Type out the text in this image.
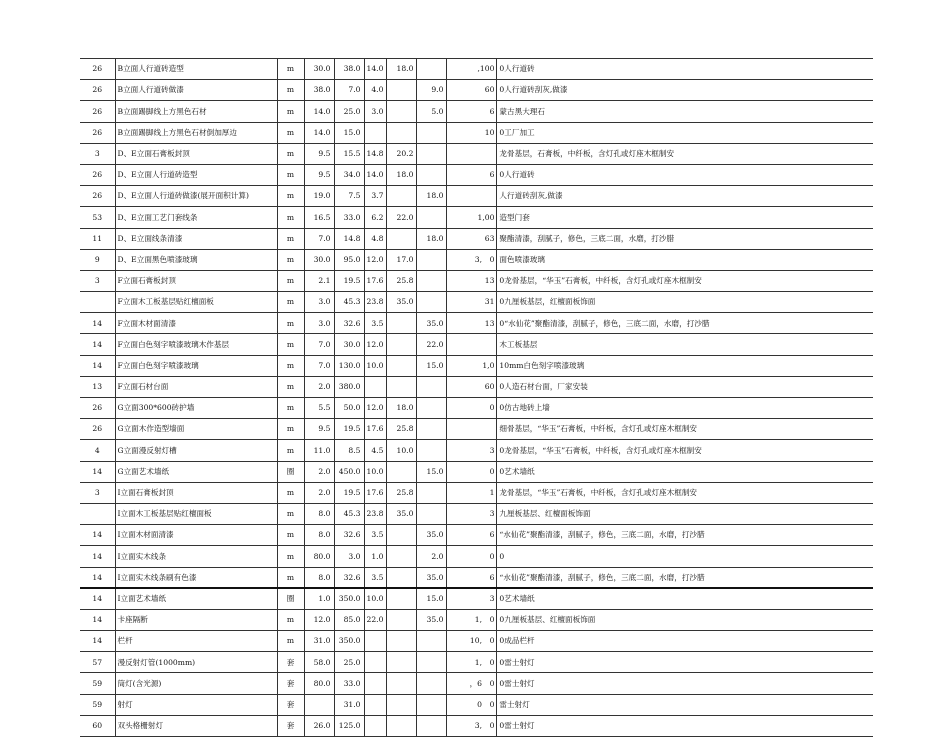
26	B立面人行道砖造型	m	30.0	38.0	14.0	18.0		,100	0人行道砖
26	B立面人行道砖做漆	m	38.0	7.0	4.0		9.0	60	0人行道砖刮灰,做漆
26	B立面踢脚线上方黑色石材	m	14.0	25.0	3.0		5.0	6	蒙古黑大理石
26	B立面踢脚线上方黑色石材倒加厚边	m	14.0	15.0				10	0工厂加工
3	D、E立面石膏板封顶	m	9.5	15.5	14.8	20.2			龙骨基层，石膏板，中纤板，含灯孔或灯座木框制安
26	D、E立面人行道砖造型	m	9.5	34.0	14.0	18.0		6	0人行道砖
26	D、E立面人行道砖做漆(展开面积计算)	m	19.0	7.5	3.7		18.0		人行道砖刮灰,做漆
53	D、E立面工艺门套线条	m	16.5	33.0	6.2	22.0		1,00	造型门套
11	D、E立面线条清漆	m	7.0	14.8	4.8		18.0	63	聚酯清漆，刮腻子，修色，三底二面，水磨，打沙腊
9	D、E立面黑色喷漆玻璃	m	30.0	95.0	12.0	17.0		3,　0	面色喷漆玻璃
3	F立面石膏板封顶	m	2.1	19.5	17.6	25.8		13	0龙骨基层，“华玉”石膏板，中纤板，含灯孔或灯座木框制安
	F立面木工板基层贴红檀面板	m	3.0	45.3	23.8	35.0		31	0九厘板基层，红檀面板饰面
14	F立面木材面清漆	m	3.0	32.6	3.5		35.0	13	0“水仙花”聚酯清漆，刮腻子，修色，三底二面，水磨，打沙腊
14	F立面白色刻字喷漆玻璃木作基层	m	7.0	30.0	12.0		22.0		木工板基层
14	F立面白色刻字喷漆玻璃	m	7.0	130.0	10.0		15.0	1,0	10mm白色刻字喷漆玻璃
13	F立面石材台面	m	2.0	380.0				60	0人造石材台面，厂家安装
26	G立面300*600砖护墙	m	5.5	50.0	12.0	18.0		0	0仿古地砖上墙
26	G立面木作造型墙面	m	9.5	19.5	17.6	25.8			细骨基层，“华玉”石膏板，中纤板，含灯孔或灯座木框制安
4	G立面漫反射灯槽	m	11.0	8.5	4.5	10.0		3	0龙骨基层，“华玉”石膏板，中纤板，含灯孔或灯座木框制安
14	G立面艺术墙纸	圈	2.0	450.0	10.0		15.0	0	0艺术墙纸
3	I立面石膏板封顶	m	2.0	19.5	17.6	25.8		1	龙骨基层，“华玉”石膏板，中纤板，含灯孔或灯座木框制安
	I立面木工板基层贴红檀面板	m	8.0	45.3	23.8	35.0		3	九厘板基层、红檀面板饰面
14	I立面木材面清漆	m	8.0	32.6	3.5		35.0	6	“水仙花”聚酯清漆，刮腻子，修色，三底二面，水磨，打沙腊
14	I立面实木线条	m	80.0	3.0	1.0		2.0	0	0
14	I立面实木线条刷有色漆	m	8.0	32.6	3.5		35.0	6	“水仙花”聚酯清漆，刮腻子，修色，三底二面，水磨，打沙腊
14	I立面艺术墙纸	圈	1.0	350.0	10.0		15.0	3	0艺术墙纸
14	卡座隔断	m	12.0	85.0	22.0		35.0	1,　0	0九厘板基层、红檀面板饰面
14	栏杆	m	31.0	350.0				10,　0	0成品栏杆
57	漫反射灯管(1000mm)	套	58.0	25.0				1,　0	0雷士射灯
59	筒灯(含光源)	套	80.0	33.0				，6　0	0雷士射灯
59	射灯	套		31.0				0　0	雷士射灯
60	双头格栅射灯	套	26.0	125.0				3,　0	0雷士射灯
